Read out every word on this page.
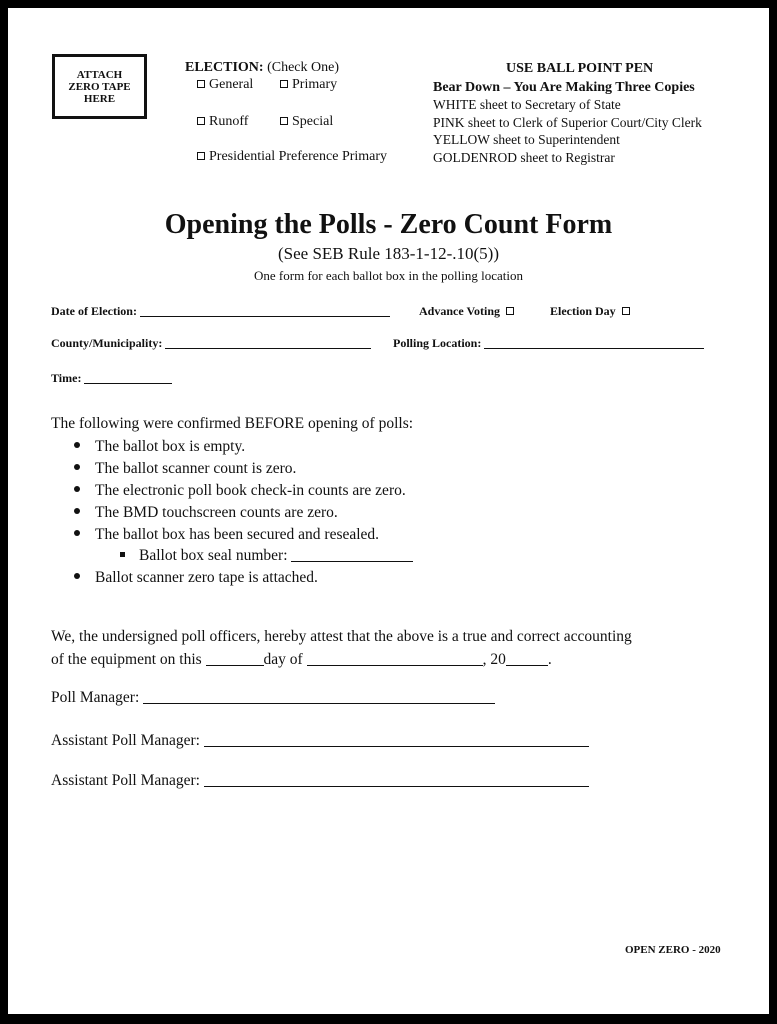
ATTACH
ZERO TAPE
HERE
ELECTION: (Check One)
General	Primary
Runoff	Special
Presidential Preference Primary
USE BALL POINT PEN
Bear Down – You Are Making Three Copies
WHITE sheet to Secretary of State
PINK sheet to Clerk of Superior Court/City Clerk
YELLOW sheet to Superintendent
GOLDENROD sheet to Registrar
Opening the Polls - Zero Count Form
(See SEB Rule 183-1-12-.10(5))
One form for each ballot box in the polling location
Date of Election:	Advance Voting	Election Day
County/Municipality:	Polling Location:
Time:
The following were confirmed BEFORE opening of polls:
The ballot box is empty.
The ballot scanner count is zero.
The electronic poll book check-in counts are zero.
The BMD touchscreen counts are zero.
The ballot box has been secured and resealed.
Ballot box seal number:
Ballot scanner zero tape is attached.
We, the undersigned poll officers, hereby attest that the above is a true and correct accounting
of the equipment on this	day of	, 20	.
Poll Manager:
Assistant Poll Manager:
Assistant Poll Manager:
OPEN ZERO - 2020
